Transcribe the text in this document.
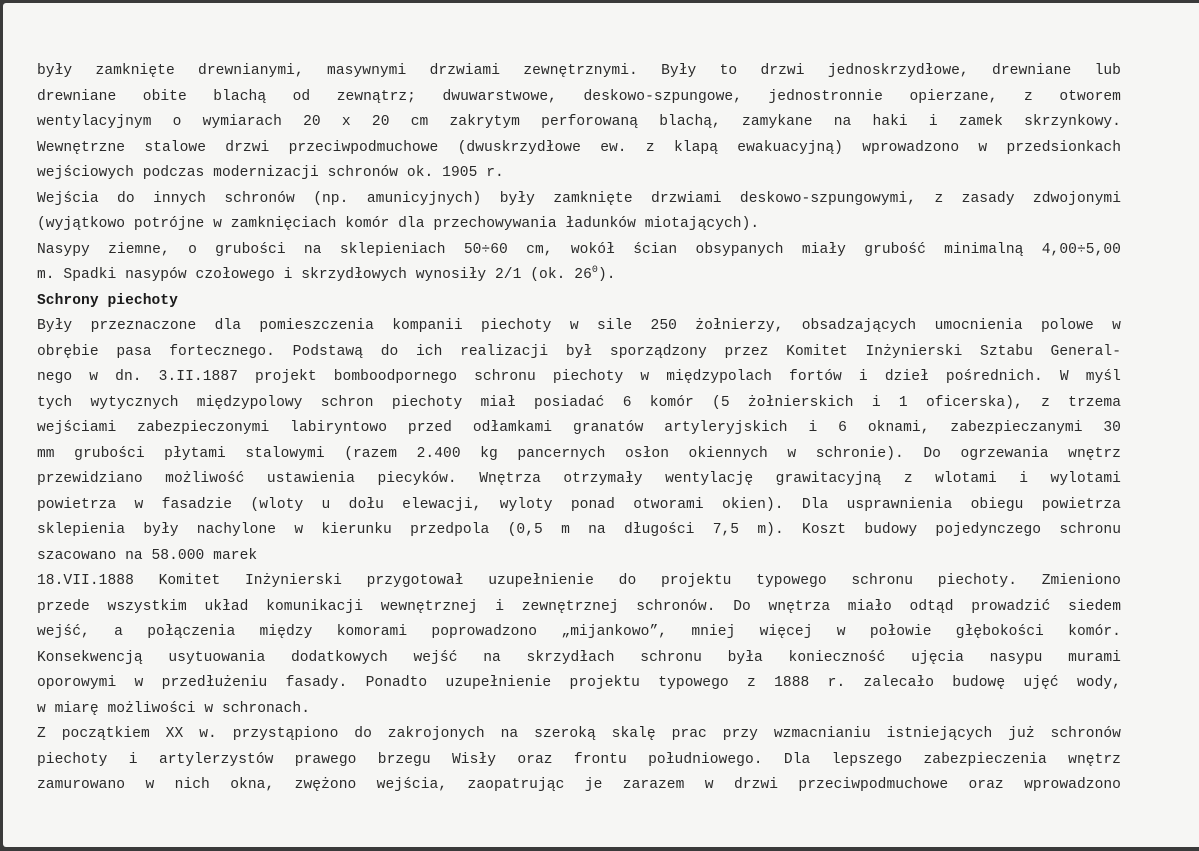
były zamknięte drewnianymi, masywnymi drzwiami zewnętrznymi. Były to drzwi jednoskrzydłowe, drewniane lub
drewniane obite blachą od zewnątrz; dwuwarstwowe, deskowo-szpungowe, jednostronnie opierzane, z otworem
wentylacyjnym o wymiarach 20 x 20 cm zakrytym perforowaną blachą, zamykane na haki i zamek skrzynkowy.
Wewnętrzne stalowe drzwi przeciwpodmuchowe (dwuskrzydłowe ew. z klapą ewakuacyjną) wprowadzono w przedsionkach
wejściowych podczas modernizacji schronów ok. 1905 r.
Wejścia do innych schronów (np. amunicyjnych) były zamknięte drzwiami deskowo-szpungowymi, z zasady zdwojonymi
(wyjątkowo potrójne w zamknięciach komór dla przechowywania ładunków miotających).
Nasypy ziemne, o grubości na sklepieniach 50÷60 cm, wokół ścian obsypanych miały grubość minimalną 4,00÷5,00
m. Spadki nasypów czołowego i skrzydłowych wynosiły 2/1 (ok. $26^0$).
Schrony piechoty
Były przeznaczone dla pomieszczenia kompanii piechoty w sile 250 żołnierzy, obsadzających umocnienia polowe w
obrębie pasa fortecznego. Podstawą do ich realizacji był sporządzony przez Komitet Inżynierski Sztabu General-
nego w dn. 3.II.1887 projekt bomboodpornego schronu piechoty w międzypolach fortów i dzieł pośrednich. W myśl
tych wytycznych międzypolowy schron piechoty miał posiadać 6 komór (5 żołnierskich i 1 oficerska), z trzema
wejściami zabezpieczonymi labiryntowo przed odłamkami granatów artyleryjskich i 6 oknami, zabezpieczanymi 30
mm grubości płytami stalowymi (razem 2.400 kg pancernych osłon okiennych w schronie). Do ogrzewania wnętrz
przewidziano możliwość ustawienia piecyków. Wnętrza otrzymały wentylację grawitacyjną z wlotami i wylotami
powietrza w fasadzie (wloty u dołu elewacji, wyloty ponad otworami okien). Dla usprawnienia obiegu powietrza
sklepienia były nachylone w kierunku przedpola (0,5 m na długości 7,5 m). Koszt budowy pojedynczego schronu
szacowano na 58.000 marek
18.VII.1888 Komitet Inżynierski przygotował uzupełnienie do projektu typowego schronu piechoty. Zmieniono
przede wszystkim układ komunikacji wewnętrznej i zewnętrznej schronów. Do wnętrza miało odtąd prowadzić siedem
wejść, a połączenia między komorami poprowadzono „mijankowo”, mniej więcej w połowie głębokości komór.
Konsekwencją usytuowania dodatkowych wejść na skrzydłach schronu była konieczność ujęcia nasypu murami
oporowymi w przedłużeniu fasady. Ponadto uzupełnienie projektu typowego z 1888 r. zalecało budowę ujęć wody,
w miarę możliwości w schronach.
Z początkiem XX w. przystąpiono do zakrojonych na szeroką skalę prac przy wzmacnianiu istniejących już schronów
piechoty i artylerzystów prawego brzegu Wisły oraz frontu południowego. Dla lepszego zabezpieczenia wnętrz
zamurowano w nich okna, zwężono wejścia, zaopatrując je zarazem w drzwi przeciwpodmuchowe oraz wprowadzono
